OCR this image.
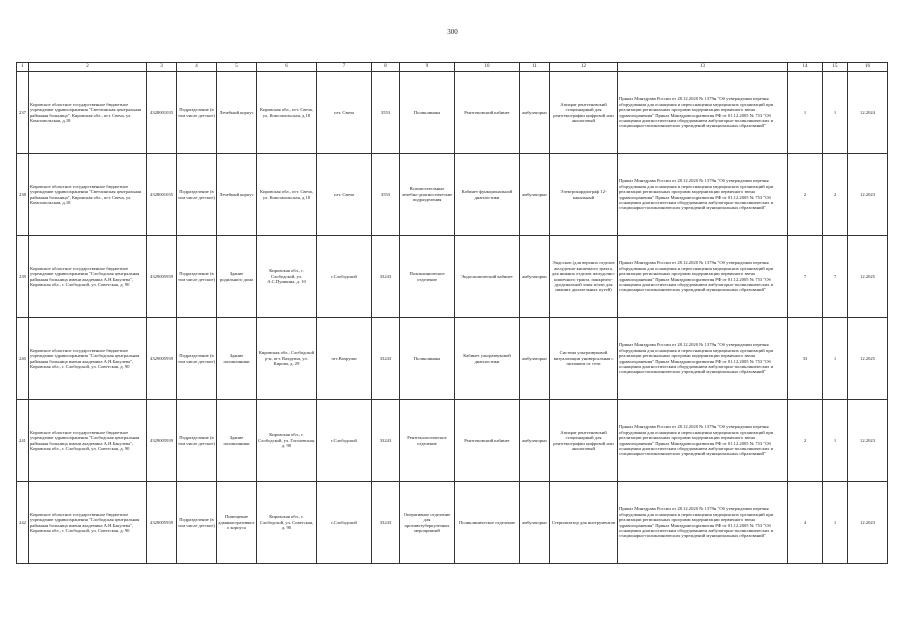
300
1	2	3	4	5	6	7	8	9	10	11	12	13	14	15	16
237	Кировское областное государственное бюджетное учреждение здравоохранения "Светлинская центральная районная больница", Кировская обл., пгт. Свеча, ул. Комсомольская, д.18	4328001035	Подразделение (в том числе детское)	Лечебный корпус	Кировская обл., пгт. Свеча, ул. Комсомольская, д.18	пгт. Свеча	3553	Поликлиника	Рентгеновский кабинет	амбулаторно	Аппарат рентгеновский стационарный для рентгенографии цифровой или аналоговый	Приказ Минздрава России от 28.12.2020 № 1379н "Об утверждении перечня оборудования для оснащения и переоснащения медицинских организаций при реализации региональных программ модернизации первичного звена здравоохранения" Приказ Минздравсоцразвития РФ от 01.12.2005 № 753 "Об оснащении диагностическим оборудованием амбулаторно-поликлинических и стационарно-поликлинических учреждений муниципальных образований"	1	1	12.2024
238	Кировское областное государственное бюджетное учреждение здравоохранения "Светлинская центральная районная больница", Кировская обл., пгт. Свеча, ул. Комсомольская, д.18	4328001035	Подразделение (в том числе детское)	Лечебный корпус	Кировская обл., пгт. Свеча, ул. Комсомольская, д.18	пгт. Свеча	3553	Вспомогательные лечебно-диагностические подразделения	Кабинет функциональной диагностики	амбулаторно	Электрокардиограф 12-канальный	Приказ Минздрава России от 28.12.2020 № 1379н "Об утверждении перечня оборудования для оснащения и переоснащения медицинских организаций при реализации региональных программ модернизации первичного звена здравоохранения" Приказ Минздравсоцразвития РФ от 01.12.2005 № 753 "Об оснащении диагностическим оборудованием амбулаторно-поликлинических и стационарно-поликлинических учреждений муниципальных образований"	2	2	12.2023
239	Кировское областное государственное бюджетное учреждение здравоохранения "Слободская центральная районная больница имени академика А.Н.Бакулева", Кировская обл., г. Слободской, ул. Советская, д. 90	4329005939	Подразделение (в том числе детское)	Здание родильного дома	Кировская обл., г. Слободской, ул. А.С.Пушкина, д. 10	г.Слободской	33243	Поликлиническое отделение	Эндоскопический кабинет	амбулаторно	Эндоскоп (для верхних отделов желудочно-кишечного тракта, для нижних отделов желудочно-кишечного тракта, панкреато-дуоденальной зоны и/или для нижних дыхательных путей)	Приказ Минздрава России от 28.12.2020 № 1379н "Об утверждении перечня оборудования для оснащения и переоснащения медицинских организаций при реализации региональных программ модернизации первичного звена здравоохранения" Приказ Минздравсоцразвития РФ от 01.12.2005 № 753 "Об оснащении диагностическим оборудованием амбулаторно-поликлинических и стационарно-поликлинических учреждений муниципальных образований"	7	7	12.2025
240	Кировское областное государственное бюджетное учреждение здравоохранения "Слободская центральная районная больница имени академика А.Н.Бакулева", Кировская обл., г. Слободской, ул. Советская, д. 90	4329005939	Подразделение (в том числе детское)	Здание поликлиники	Кировская обл., Слободской р-н, пгт. Вахруши, ул. Кирова, д. 29	пгт.Вахруши	33243	Поликлиника	Кабинет ультразвуковой диагностики	амбулаторно	Система ультразвуковой визуализации универсальная с питанием от сети	Приказ Минздрава России от 28.12.2020 № 1379н "Об утверждении перечня оборудования для оснащения и переоснащения медицинских организаций при реализации региональных программ модернизации первичного звена здравоохранения" Приказ Минздравсоцразвития РФ от 01.12.2005 № 753 "Об оснащении диагностическим оборудованием амбулаторно-поликлинических и стационарно-поликлинических учреждений муниципальных образований"	33	1	12.2025
241	Кировское областное государственное бюджетное учреждение здравоохранения "Слободская центральная районная больница имени академика А.Н.Бакулева", Кировская обл., г. Слободской, ул. Советская, д. 90	4329005939	Подразделение (в том числе детское)	Здание поликлиники	Кировская обл., г. Слободской, ул. Гоголевская, д. 90	г.Слободской	33243	Рентгенологическое отделение	Рентгеновский кабинет	амбулаторно	Аппарат рентгеновский стационарный для рентгенографии цифровой или аналоговый	Приказ Минздрава России от 28.12.2020 № 1379н "Об утверждении перечня оборудования для оснащения и переоснащения медицинских организаций при реализации региональных программ модернизации первичного звена здравоохранения" Приказ Минздравсоцразвития РФ от 01.12.2005 № 753 "Об оснащении диагностическим оборудованием амбулаторно-поликлинических и стационарно-поликлинических учреждений муниципальных образований"	2	1	12.2023
242	Кировское областное государственное бюджетное учреждение здравоохранения "Слободская центральная районная больница имени академика А.Н.Бакулева", Кировская обл., г. Слободской, ул. Советская, д. 90	4329005939	Подразделение (в том числе детское)	Помещение административного корпуса	Кировская обл., г. Слободской, ул. Советская, д. 90	г.Слободской	33243	Оперативное отделение для противотуберкулезных мероприятий	Поликлиническое отделение	амбулаторно	Стерилизатор для инструментов	Приказ Минздрава России от 28.12.2020 № 1379н "Об утверждении перечня оборудования для оснащения и переоснащения медицинских организаций при реализации региональных программ модернизации первичного звена здравоохранения" Приказ Минздравсоцразвития РФ от 01.12.2005 № 753 "Об оснащении диагностическим оборудованием амбулаторно-поликлинических и стационарно-поликлинических учреждений муниципальных образований"	4	1	12.2023
